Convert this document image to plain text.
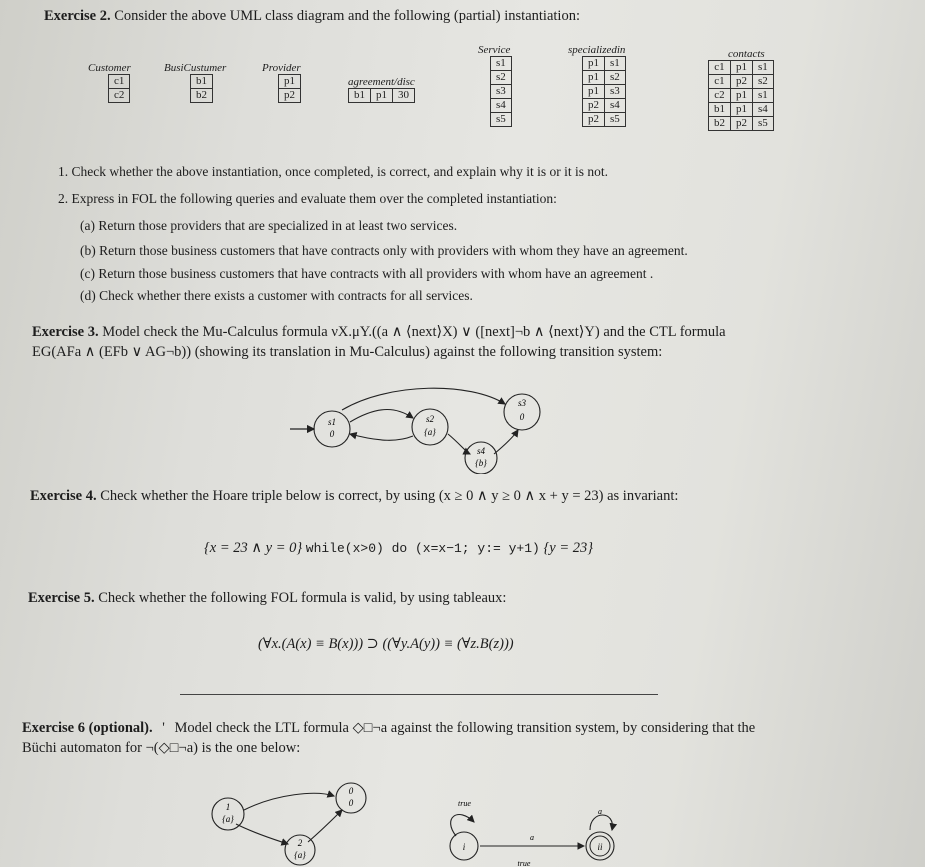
Exercise 2. Consider the above UML class diagram and the following (partial) instantiation:
Customer
c1
c2
BusiCustumer
b1
b2
Provider
p1
p2
agreement/disc
b1	p1	30
Service
s1
s2
s3
s4
s5
specializedin
p1	s1
p1	s2
p1	s3
p2	s4
p2	s5
contacts
c1	p1	s1
c1	p2	s2
c2	p1	s1
b1	p1	s4
b2	p2	s5
1. Check whether the above instantiation, once completed, is correct, and explain why it is or it is not.
2. Express in FOL the following queries and evaluate them over the completed instantiation:
(a) Return those providers that are specialized in at least two services.
(b) Return those business customers that have contracts only with providers with whom they have an agreement.
(c) Return those business customers that have contracts with all providers with whom have an agreement .
(d) Check whether there exists a customer with contracts for all services.
Exercise 3. Model check the Mu-Calculus formula νX.μY.((a ∧ ⟨next⟩X) ∨ ([next]¬b ∧ ⟨next⟩Y) and the CTL formula
EG(AFa ∧ (EFb ∨ AG¬b)) (showing its translation in Mu-Calculus) against the following transition system:
s1
0
s2
{a}
s3
0
s4
{b}
Exercise 4. Check whether the Hoare triple below is correct, by using (x ≥ 0 ∧ y ≥ 0 ∧ x + y = 23) as invariant:
{x = 23 ∧ y = 0} while(x>0) do (x=x−1; y:= y+1) {y = 23}
Exercise 5. Check whether the following FOL formula is valid, by using tableaux:
(∀x.(A(x) ≡ B(x))) ⊃ ((∀y.A(y)) ≡ (∀z.B(z)))
Exercise 6 (optional). ' Model check the LTL formula ◇□¬a against the following transition system, by considering that the
Büchi automaton for ¬(◇□¬a) is the one below:
1
{a}
2
{a}
0
0	true
a
a
i	ii
true
